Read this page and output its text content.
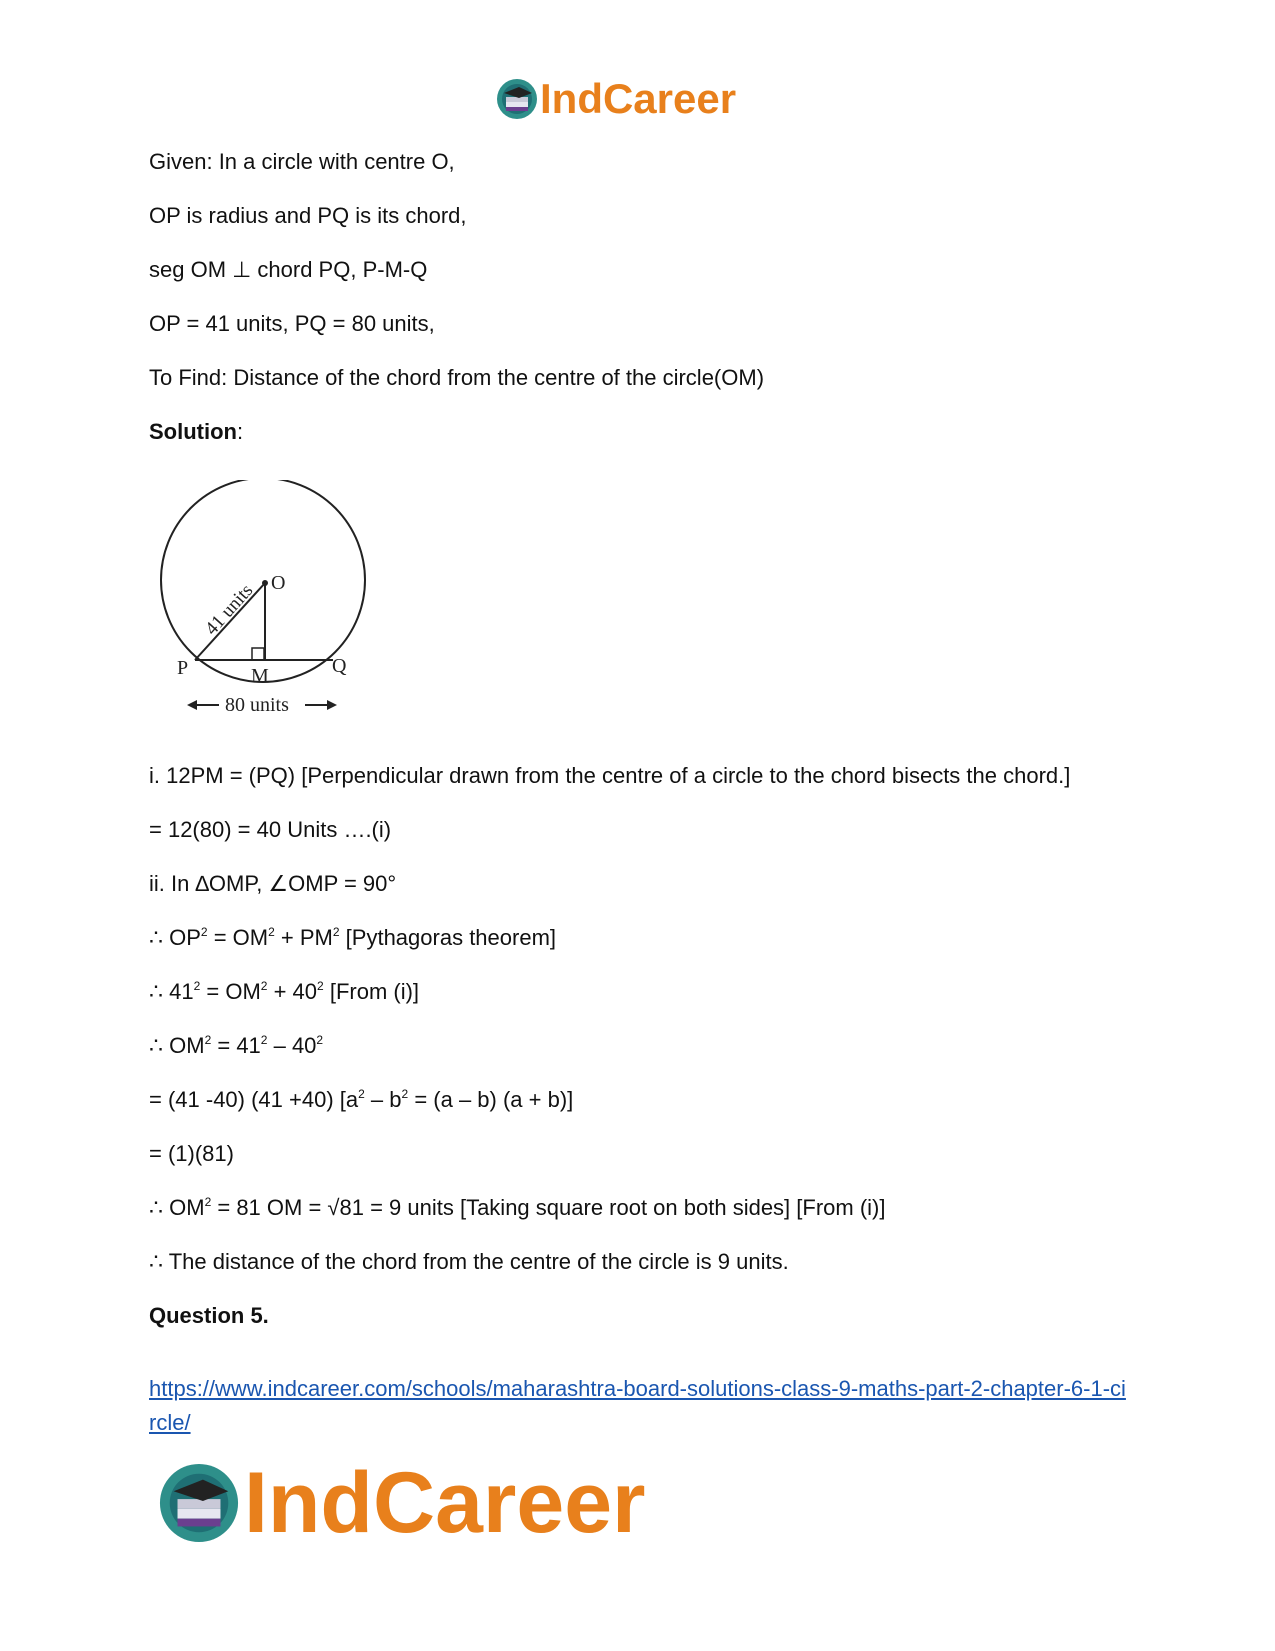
IndCareer
Given: In a circle with centre O,
OP is radius and PQ is its chord,
seg OM ⊥ chord PQ, P-M-Q
OP = 41 units, PQ = 80 units,
To Find: Distance of the chord from the centre of the circle(OM)
Solution:
O
P	M	Q
41 units
80 units
i. 12PM = (PQ) [Perpendicular drawn from the centre of a circle to the chord bisects the chord.]
= 12(80) = 40 Units ….(i)
ii. In ∆OMP, ∠OMP = 90°
∴ $OP^2 = OM^2 + PM^2$ [Pythagoras theorem]
∴ $41^2 = OM^2 + 40^2$ [From (i)]
∴ $OM^2 = 41^2 - 40^2$
= (41 -40) (41 +40) $[a^2 - b^2 = (a - b) (a + b)]$
= (1)(81)
∴ $OM^2 = 81$ OM = √81 = 9 units [Taking square root on both sides] [From (i)]
∴ The distance of the chord from the centre of the circle is 9 units.
Question 5.
https://www.indcareer.com/schools/maharashtra-board-solutions-class-9-maths-part-2-chapter-6-1-circle/
IndCareer
